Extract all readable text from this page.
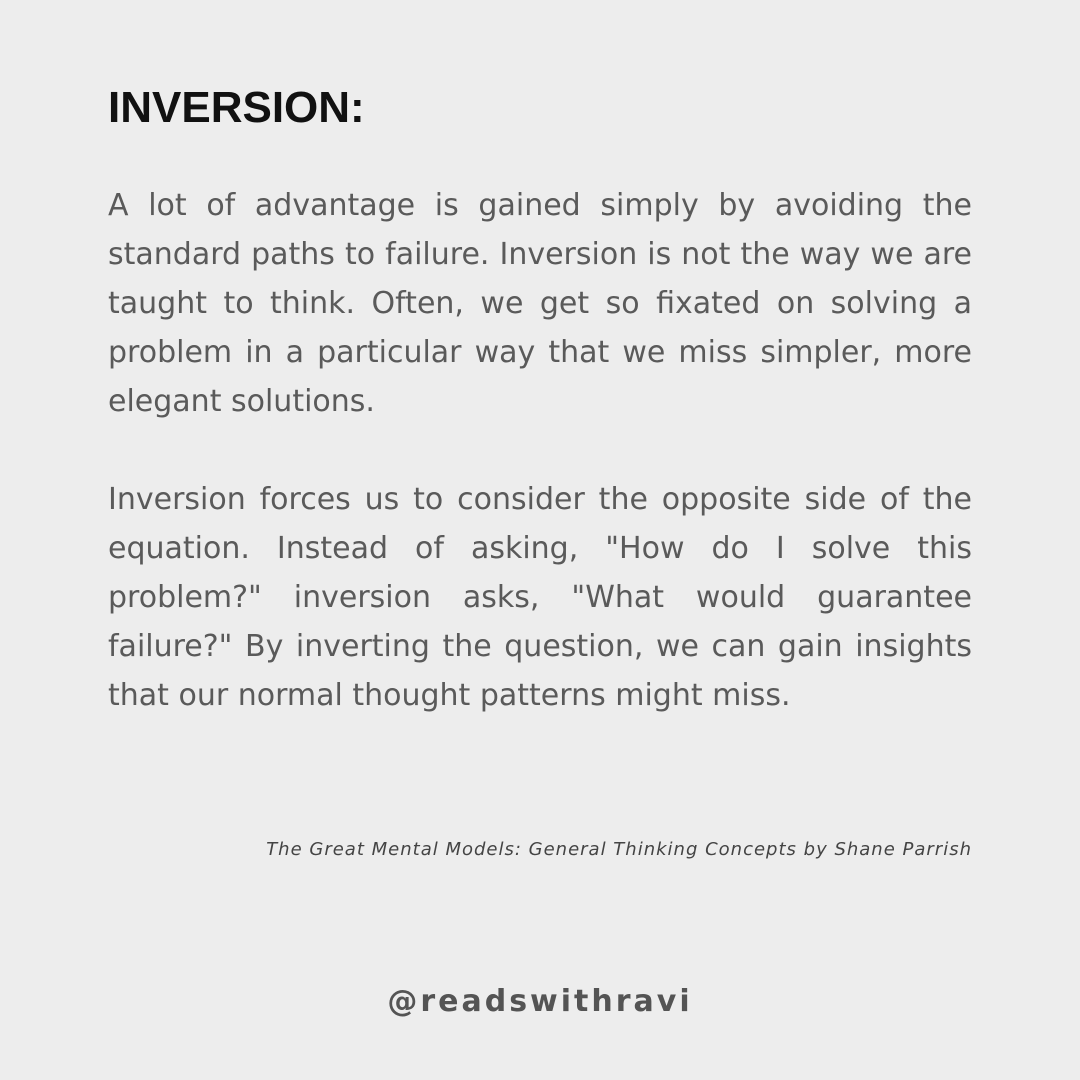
INVERSION:

A lot of advantage is gained simply by avoiding the standard paths to failure. Inversion is not the way we are taught to think. Often, we get so fixated on solving a problem in a particular way that we miss simpler, more elegant solutions.

Inversion forces us to consider the opposite side of the equation. Instead of asking, "How do I solve this problem?" inversion asks, "What would guarantee failure?" By inverting the question, we can gain insights that our normal thought patterns might miss.

The Great Mental Models: General Thinking Concepts by Shane Parrish

@readswithravi
